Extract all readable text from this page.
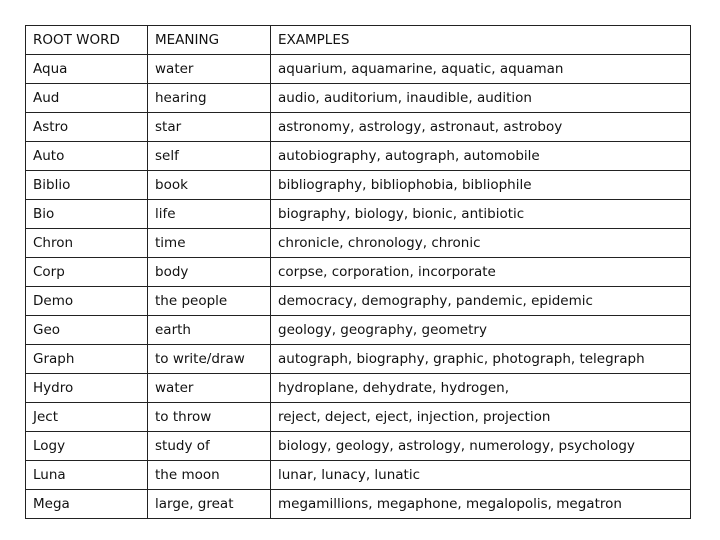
ROOT WORD	MEANING	EXAMPLES
Aqua	water	aquarium, aquamarine, aquatic, aquaman
Aud	hearing	audio, auditorium, inaudible, audition
Astro	star	astronomy, astrology, astronaut, astroboy
Auto	self	autobiography, autograph, automobile
Biblio	book	bibliography, bibliophobia, bibliophile
Bio	life	biography, biology, bionic, antibiotic
Chron	time	chronicle, chronology, chronic
Corp	body	corpse, corporation, incorporate
Demo	the people	democracy, demography, pandemic, epidemic
Geo	earth	geology, geography, geometry
Graph	to write/draw	autograph, biography, graphic, photograph, telegraph
Hydro	water	hydroplane, dehydrate, hydrogen,
Ject	to throw	reject, deject, eject, injection, projection
Logy	study of	biology, geology, astrology, numerology, psychology
Luna	the moon	lunar, lunacy, lunatic
Mega	large, great	megamillions, megaphone, megalopolis, megatron
